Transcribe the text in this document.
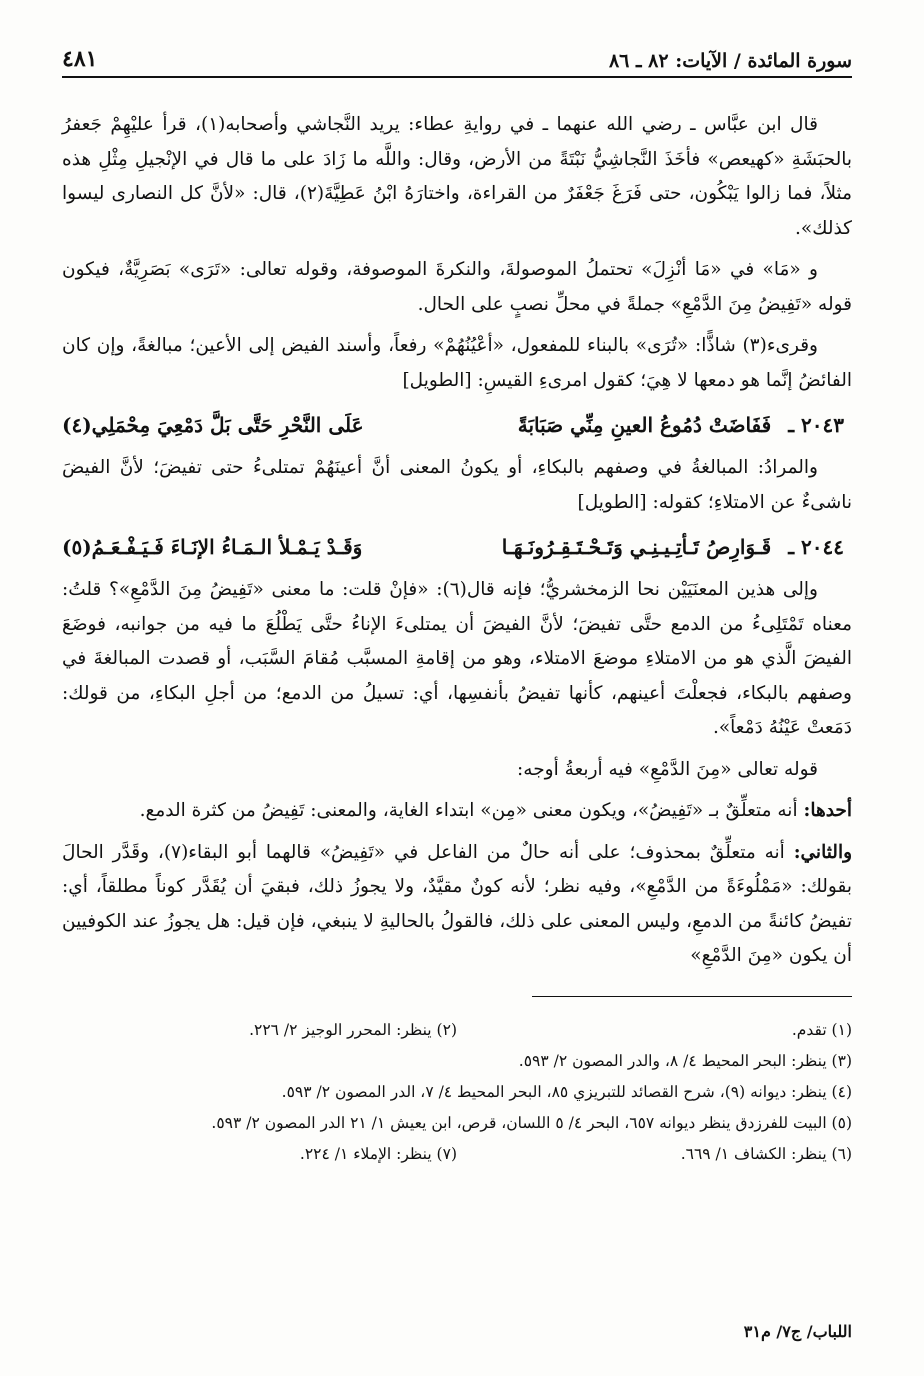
سورة المائدة / الآيات: ٨٢ ـ ٨٦
٤٨١

قال ابن عبَّاس ـ رضي الله عنهما ـ في روايةِ عطاء: يريد النَّجاشي وأصحابه(١)، قرأ عليْهِمْ جَعفرُ بالحبَشَةِ «كهيعص» فأخَذَ النَّجاشِيُّ نَبْتَةً من الأرض، وقال: واللَّه ما زَادَ على ما قال في الإنْجيلِ مِثْلِ هذه مثلاً، فما زالوا يَبْكُون، حتى فَرَغَ جَعْفَرٌ من القراءة، واختارَهُ ابْنُ عَطِيَّةَ(٢)، قال: «لأنَّ كل النصارى ليسوا كذلك».

و «مَا» في «مَا أنْزِلَ» تحتملُ الموصولةَ، والنكرةَ الموصوفة، وقوله تعالى: «تَرَى» بَصَرِيَّةٌ، فيكون قوله «تَفِيضُ مِنَ الدَّمْعِ» جملةً في محلِّ نصبٍ على الحال.

وقرىء(٣) شاذًّا: «تُرَى» بالبناء للمفعول، «أعْيُنُهُمْ» رفعاً، وأسند الفيض إلى الأعين؛ مبالغةً، وإن كان الفائضُ إنَّما هو دمعها لا هِيَ؛ كقول امرىءِ القيسِ: [الطويل]

٢٠٤٣ ـ فَفَاضَتْ دُمُوعُ العينِ مِنِّي صَبَابَةً
عَلَى النَّحْرِ حَتَّى بَلَّ دَمْعِيَ مِحْمَلِي(٤)

والمرادُ: المبالغةُ في وصفهم بالبكاءِ، أو يكونُ المعنى أنَّ أعينَهُمْ تمتلىءُ حتى تفيضَ؛ لأنَّ الفيضَ ناشىءٌ عن الامتلاءِ؛ كقوله: [الطويل]

٢٠٤٤ ـ قَـوَارِصُ تَـأتِـيـنِـي وَتَـحْـتَـقِـرُونَـهَـا
وَقَـدْ يَـمْـلأ الـمَـاءُ الإنَـاءَ فَـيَـفْـعَـمُ(٥)

وإلى هذين المعنَيَيْن نحا الزمخشريُّ؛ فإنه قال(٦): «فإنْ قلت: ما معنى «تَفِيضُ مِنَ الدَّمْعِ»؟ قلتُ: معناه تَمْتَلِىءُ من الدمع حتَّى تفيضَ؛ لأنَّ الفيضَ أن يمتلىءَ الإناءُ حتَّى يَطْلُعَ ما فيه من جوانبه، فوضَعَ الفيضَ الَّذي هو من الامتلاءِ موضعَ الامتلاء، وهو من إقامةِ المسبَّب مُقامَ السَّبَب، أو قصدت المبالغةَ في وصفهم بالبكاء، فجعلْتَ أعينهم، كأنها تفيضُ بأنفسِها، أي: تسيلُ من الدمع؛ من أجلِ البكاءِ، من قولك: دَمَعتْ عَيْنُهُ دَمْعاً».

قوله تعالى «مِنَ الدَّمْعِ» فيه أربعةُ أوجه:

أحدها: أنه متعلِّقٌ بـ «تَفِيضُ»، ويكون معنى «مِن» ابتداء الغاية، والمعنى: تَفِيضُ من كثرة الدمع.

والثاني: أنه متعلِّقٌ بمحذوف؛ على أنه حالٌ من الفاعل في «تَفِيضُ» قالهما أبو البقاء(٧)، وقَدَّر الحالَ بقولك: «مَمْلُوءَةً من الدَّمْعِ»، وفيه نظر؛ لأنه كونٌ مقيَّدٌ، ولا يجوزُ ذلك، فبقيَ أن يُقَدَّر كوناً مطلقاً، أي: تفيضُ كائنةً من الدمعِ، وليس المعنى على ذلك، فالقولُ بالحاليةِ لا ينبغي، فإن قيل: هل يجوزُ عند الكوفيين أن يكون «مِنَ الدَّمْعِ»

(١) تقدم.
(٢) ينظر: المحرر الوجيز ٢/ ٢٢٦.
(٣) ينظر: البحر المحيط ٤/ ٨، والدر المصون ٢/ ٥٩٣.
(٤) ينظر: ديوانه (٩)، شرح القصائد للتبريزي ٨٥، البحر المحيط ٤/ ٧، الدر المصون ٢/ ٥٩٣.
(٥) البيت للفرزدق ينظر ديوانه ٦٥٧، البحر ٤/ ٥ اللسان، قرص، ابن يعيش ١/ ٢١ الدر المصون ٢/ ٥٩٣.
(٦) ينظر: الكشاف ١/ ٦٦٩.
(٧) ينظر: الإملاء ١/ ٢٢٤.
اللباب/ ج٧/ م٣١
